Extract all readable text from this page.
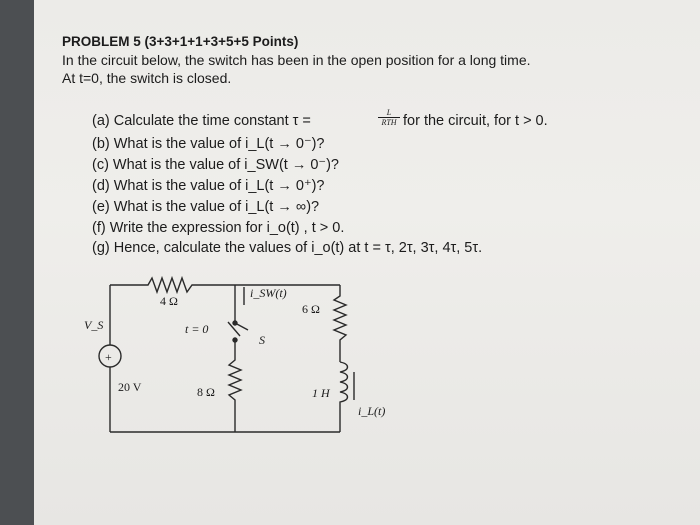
PROBLEM 5 (3+3+1+1+3+5+5 Points)
In the circuit below, the switch has been in the open position for a long time.
At t=0, the switch is closed.
(a) Calculate the time constant τ =
L
RTH for the circuit, for t > 0.
(b) What is the value of i_L(t → 0⁻)?
(c) What is the value of i_SW(t → 0⁻)?
(d) What is the value of i_L(t → 0⁺)?
(e) What is the value of i_L(t → ∞)?
(f) Write the expression for i_o(t) , t > 0.
(g) Hence, calculate the values of i_o(t) at t = τ, 2τ, 3τ, 4τ, 5τ.
+
4 Ω
i_SW(t)
6 Ω
V_S	t = 0
S
20 V	8 Ω	1 H
i_L(t)
